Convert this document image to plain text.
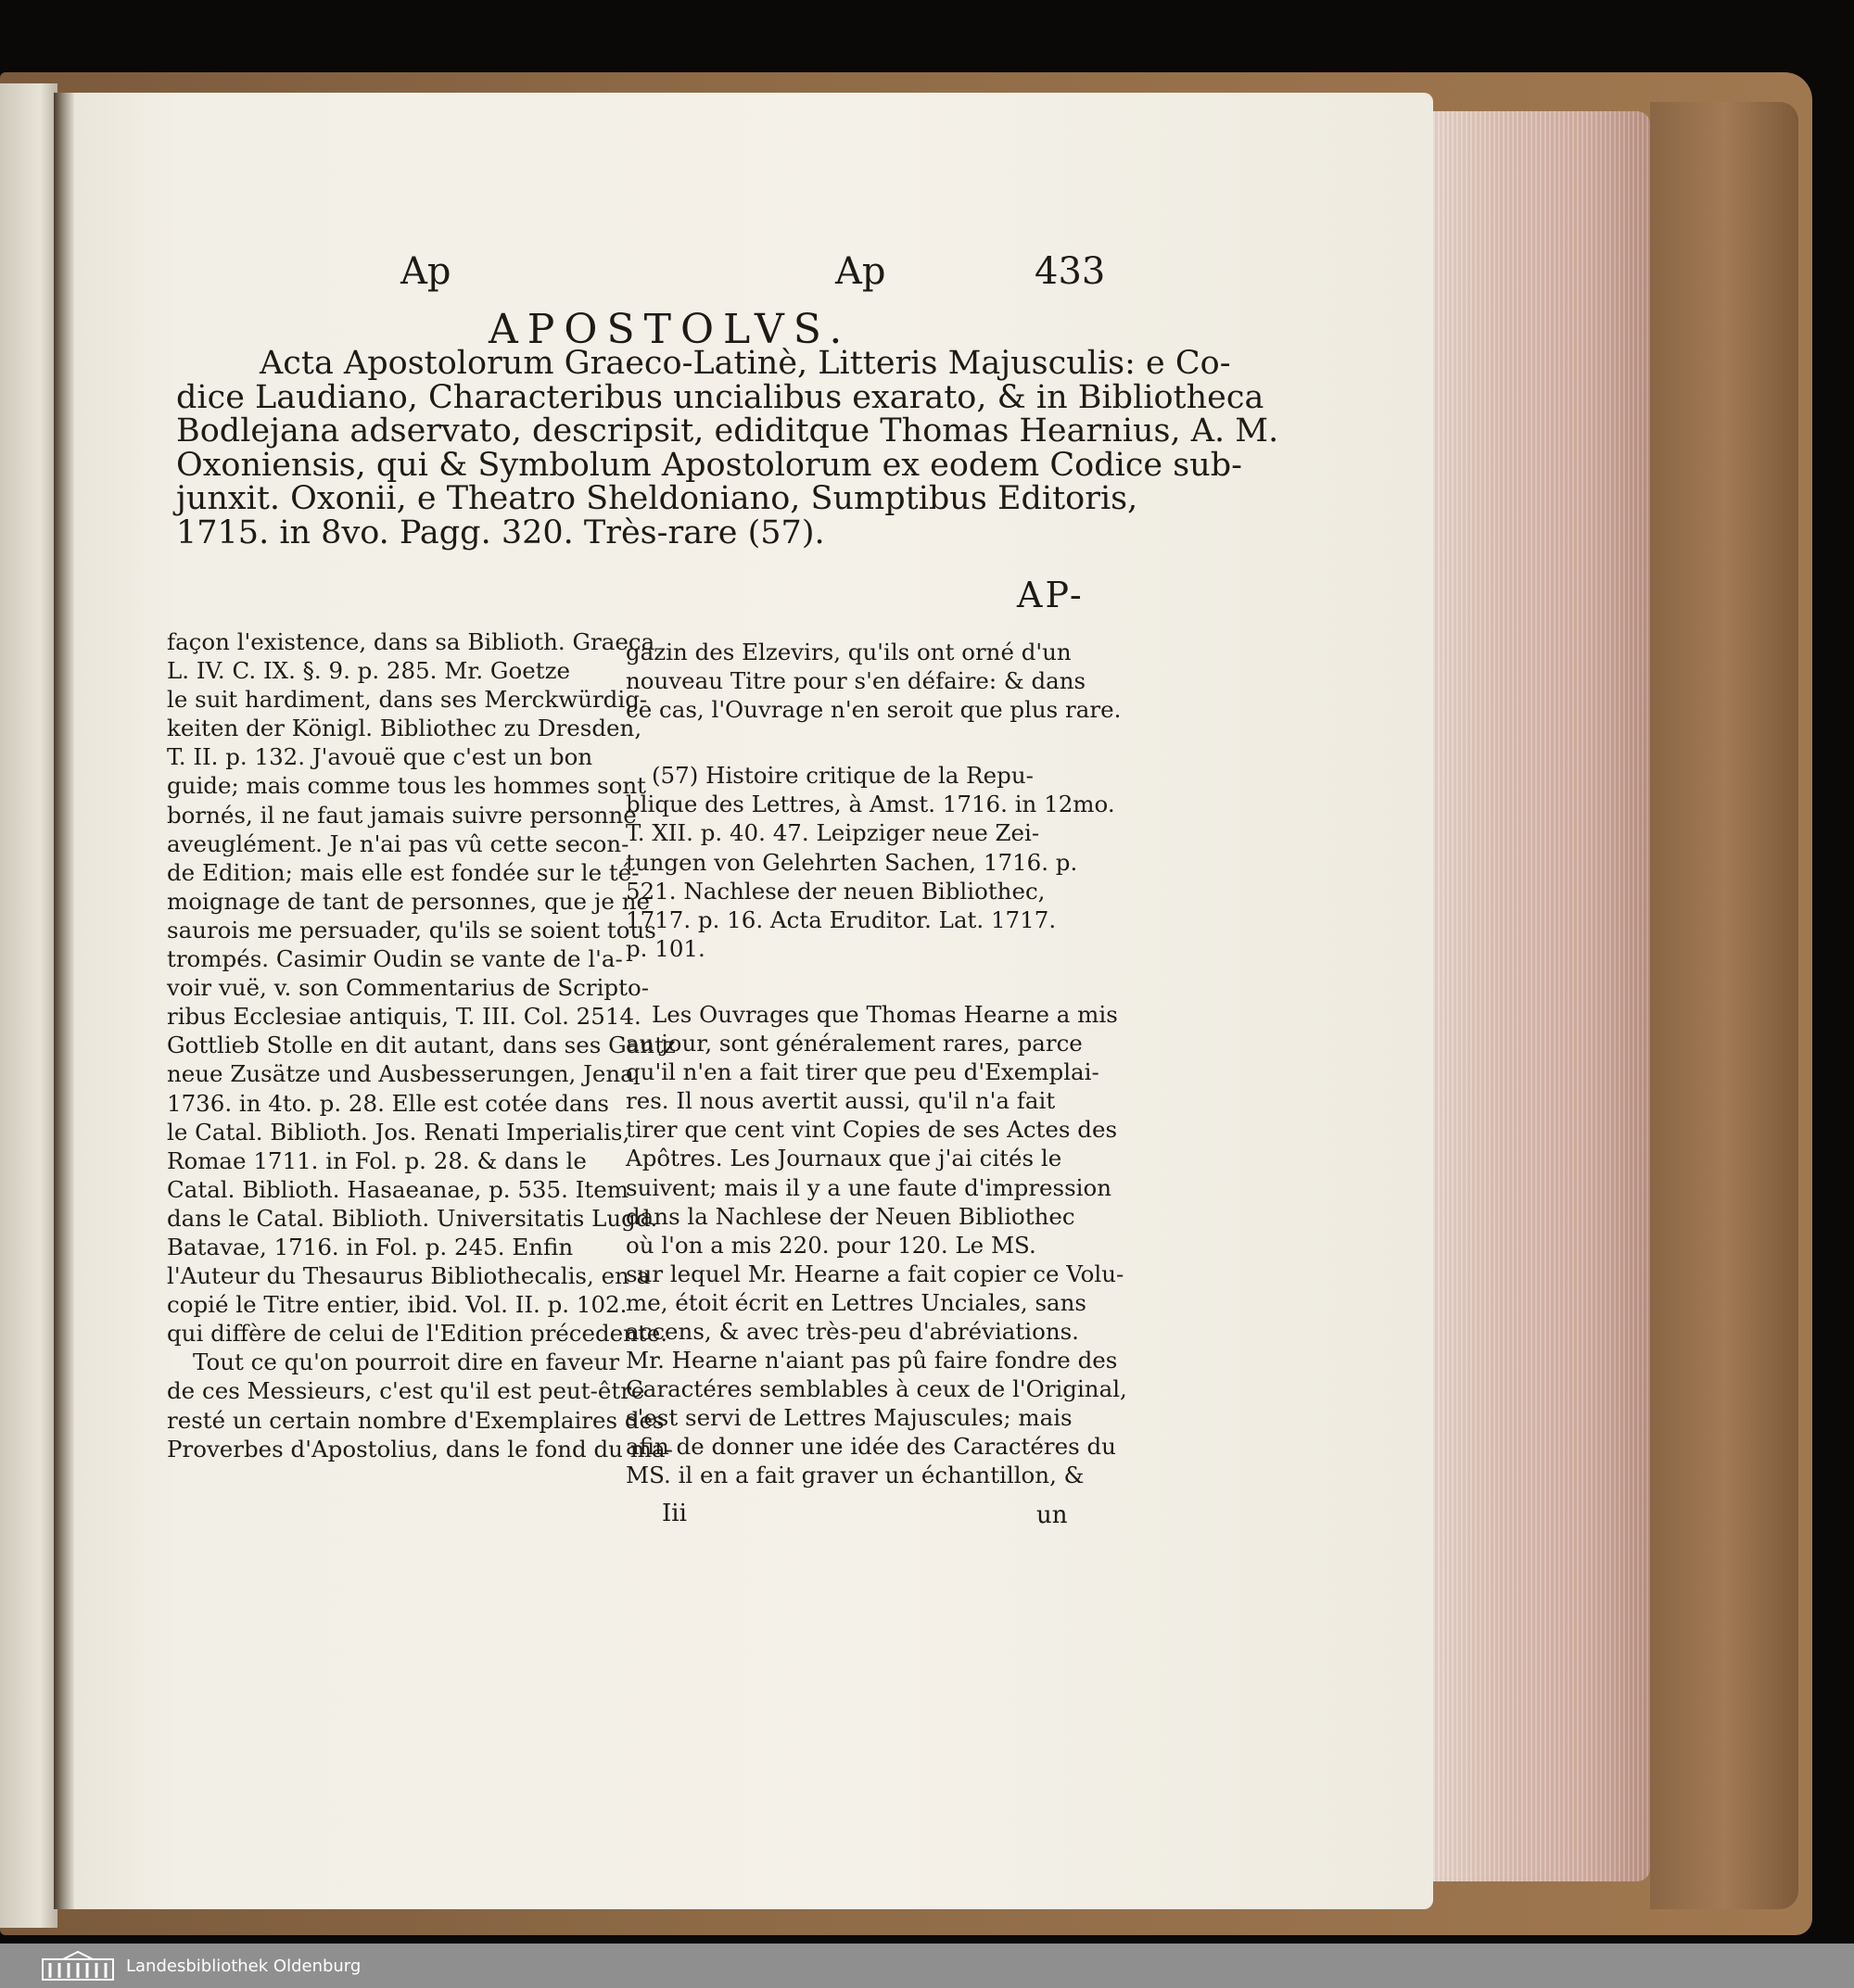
Ap	Ap	433
APOSTOLVS.
Acta Apostolorum Graeco-Latinè, Litteris Majusculis: e Co-
dice Laudiano, Characteribus uncialibus exarato, & in Bibliotheca
Bodlejana adservato, descripsit, ediditque Thomas Hearnius, A. M.
Oxoniensis, qui & Symbolum Apostolorum ex eodem Codice sub-
junxit. Oxonii, e Theatro Sheldoniano, Sumptibus Editoris,
1715. in 8vo. Pagg. 320. Très-rare (57).
AP-
façon l'existence, dans sa Biblioth. Graeca
L. IV. C. IX. §. 9. p. 285. Mr. Goetze
le suit hardiment, dans ses Merckwürdig-
keiten der Königl. Bibliothec zu Dresden,
T. II. p. 132. J'avouë que c'est un bon
guide; mais comme tous les hommes sont
bornés, il ne faut jamais suivre personne
aveuglément. Je n'ai pas vû cette secon-
de Edition; mais elle est fondée sur le té-
moignage de tant de personnes, que je ne
saurois me persuader, qu'ils se soient tous
trompés. Casimir Oudin se vante de l'a-
voir vuë, v. son Commentarius de Scripto-
ribus Ecclesiae antiquis, T. III. Col. 2514.
Gottlieb Stolle en dit autant, dans ses Gantz
neue Zusätze und Ausbesserungen, Jena
1736. in 4to. p. 28. Elle est cotée dans
le Catal. Biblioth. Jos. Renati Imperialis,
Romae 1711. in Fol. p. 28. & dans le
Catal. Biblioth. Hasaeanae, p. 535. Item
dans le Catal. Biblioth. Universitatis Lugd.
Batavae, 1716. in Fol. p. 245. Enfin
l'Auteur du Thesaurus Bibliothecalis, en a
copié le Titre entier, ibid. Vol. II. p. 102.
qui diffère de celui de l'Edition précedente.
Tout ce qu'on pourroit dire en faveur
de ces Messieurs, c'est qu'il est peut-être
resté un certain nombre d'Exemplaires des
Proverbes d'Apostolius, dans le fond du ma-
gazin des Elzevirs, qu'ils ont orné d'un
nouveau Titre pour s'en défaire: & dans
ce cas, l'Ouvrage n'en seroit que plus rare.
(57) Histoire critique de la Repu-
blique des Lettres, à Amst. 1716. in 12mo.
T. XII. p. 40. 47. Leipziger neue Zei-
tungen von Gelehrten Sachen, 1716. p.
521. Nachlese der neuen Bibliothec,
1717. p. 16. Acta Eruditor. Lat. 1717.
p. 101.
Les Ouvrages que Thomas Hearne a mis
au jour, sont généralement rares, parce
qu'il n'en a fait tirer que peu d'Exemplai-
res. Il nous avertit aussi, qu'il n'a fait
tirer que cent vint Copies de ses Actes des
Apôtres. Les Journaux que j'ai cités le
suivent; mais il y a une faute d'impression
dans la Nachlese der Neuen Bibliothec
où l'on a mis 220. pour 120. Le MS.
sur lequel Mr. Hearne a fait copier ce Volu-
me, étoit écrit en Lettres Unciales, sans
accens, & avec très-peu d'abréviations.
Mr. Hearne n'aiant pas pû faire fondre des
Caractéres semblables à ceux de l'Original,
s'est servi de Lettres Majuscules; mais
afin de donner une idée des Caractéres du
MS. il en a fait graver un échantillon, &
Iii	un
Landesbibliothek Oldenburg
